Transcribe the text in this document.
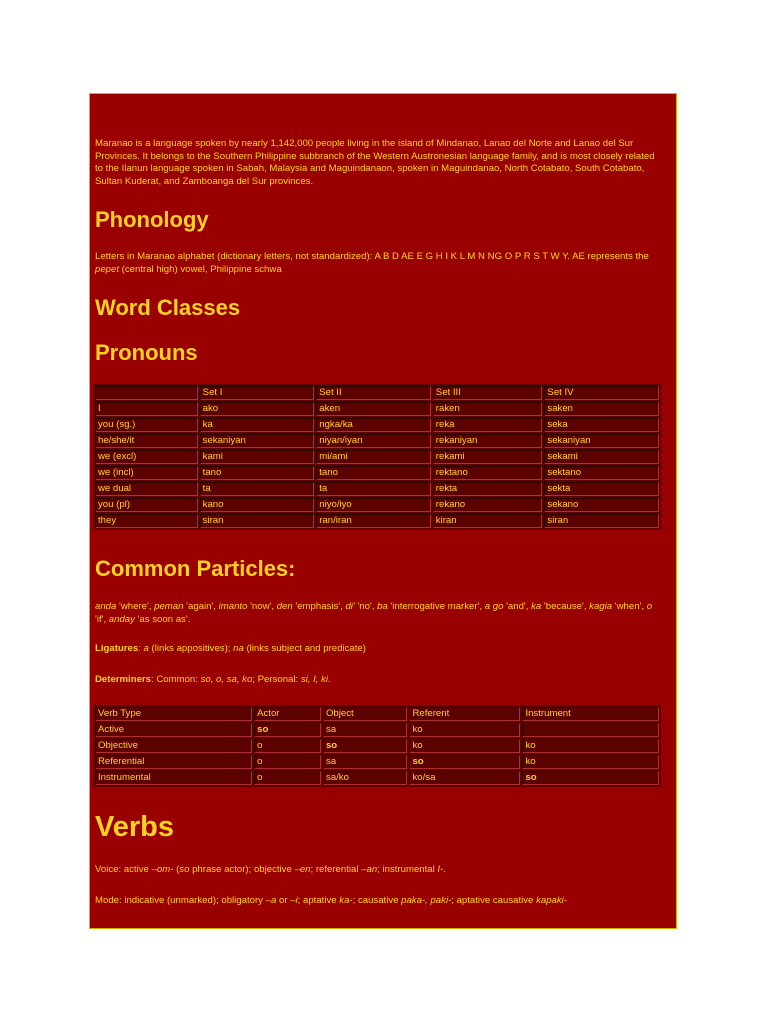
Maranao is a language spoken by nearly 1,142,000 people living in the island of Mindanao, Lanao del Norte and Lanao del Sur Provinces. It belongs to the Southern Philippine subbranch of the Western Austronesian language family, and is most closely related to the Ilanun language spoken in Sabah, Malaysia and Maguindanaon, spoken in Maguindanao, North Cotabato, South Cotabato, Sultan Kuderat, and Zamboanga del Sur provinces.

Phonology

Letters in Maranao alphabet (dictionary letters, not standardized): A B D AE E G H I K L M N NG O P R S T W Y. AE represents the pepet (central high) vowel, Philippine schwa

Word Classes
Pronouns
	Set I	Set II	Set III	Set IV
I	ako	aken	raken	saken
you (sg.)	ka	ngka/ka	reka	seka
he/she/it	sekaniyan	niyan/iyan	rekaniyan	sekaniyan
we (excl)	kami	mi/ami	rekami	sekami
we (incl)	tano	tano	rektano	sektano
we dual	ta	ta	rekta	sekta
you (pl)	kano	niyo/iyo	rekano	sekano
they	siran	ran/iran	kiran	siran
Common Particles:

anda 'where', peman 'again', imanto 'now', den 'emphasis', di' 'no', ba 'interrogative marker', a go 'and', ka 'because', kagia 'when', o 'if', anday 'as soon as'.

Ligatures: a (links appositives); na (links subject and predicate)

Determiners: Common: so, o, sa, ko; Personal: si, I, ki.

Verb Type	Actor	Object	Referent	Instrument
Active	so	sa	ko	
Objective	o	so	ko	ko
Referential	o	sa	so	ko
Instrumental	o	sa/ko	ko/sa	so
Verbs

Voice: active –om- (so phrase actor); objective –en; referential –an; instrumental I-.

Mode: indicative (unmarked); obligatory –a or –i; aptative ka-; causative paka-, paki-; aptative causative kapaki-
